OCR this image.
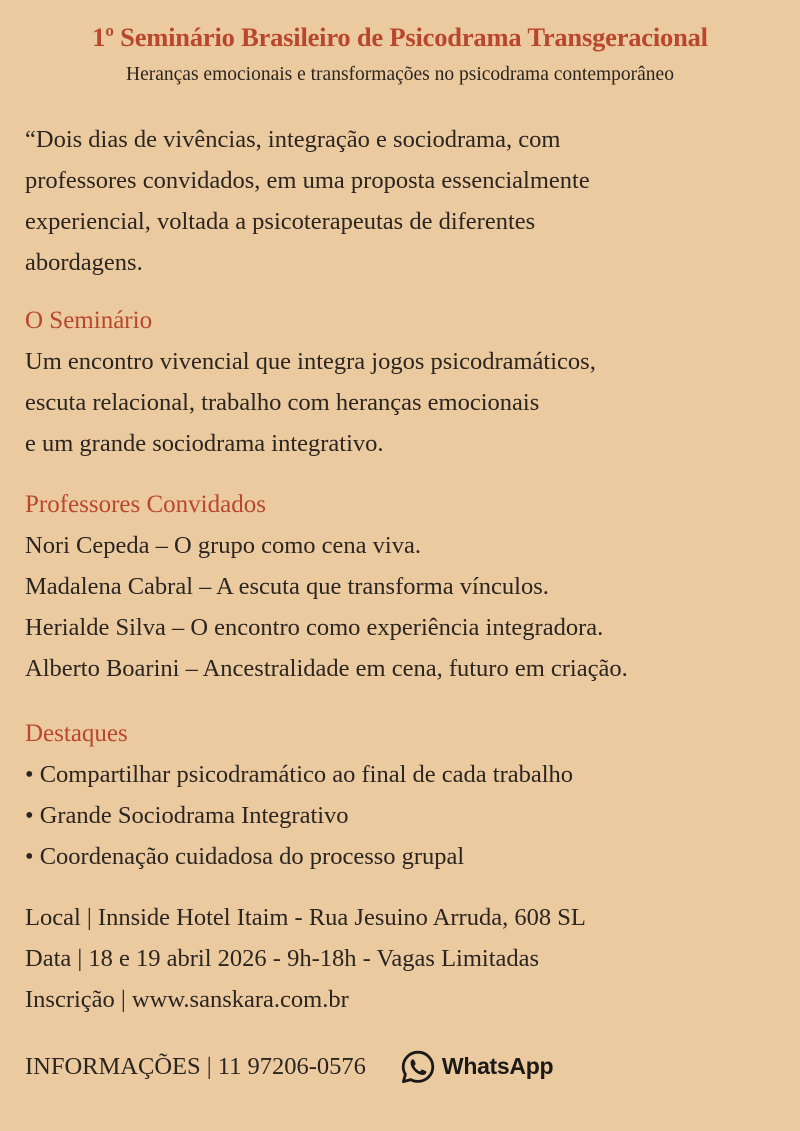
1º Seminário Brasileiro de Psicodrama Transgeracional
Heranças emocionais e transformações no psicodrama contemporâneo
“Dois dias de vivências, integração e sociodrama, com
professores convidados, em uma proposta essencialmente
experiencial, voltada a psicoterapeutas de diferentes
abordagens.

O Seminário

Um encontro vivencial que integra jogos psicodramáticos,
escuta relacional, trabalho com heranças emocionais
e um grande sociodrama integrativo.

Professores Convidados

Nori Cepeda – O grupo como cena viva.
Madalena Cabral – A escuta que transforma vínculos.
Herialde Silva – O encontro como experiência integradora.
Alberto Boarini – Ancestralidade em cena, futuro em criação.

Destaques

• Compartilhar psicodramático ao final de cada trabalho
• Grande Sociodrama Integrativo
• Coordenação cuidadosa do processo grupal
Local | Innside Hotel Itaim - Rua Jesuino Arruda, 608 SL
Data | 18 e 19 abril 2026 - 9h-18h - Vagas Limitadas
Inscrição | www.sanskara.com.br
INFORMAÇÕES | 11 97206-0576	WhatsApp
